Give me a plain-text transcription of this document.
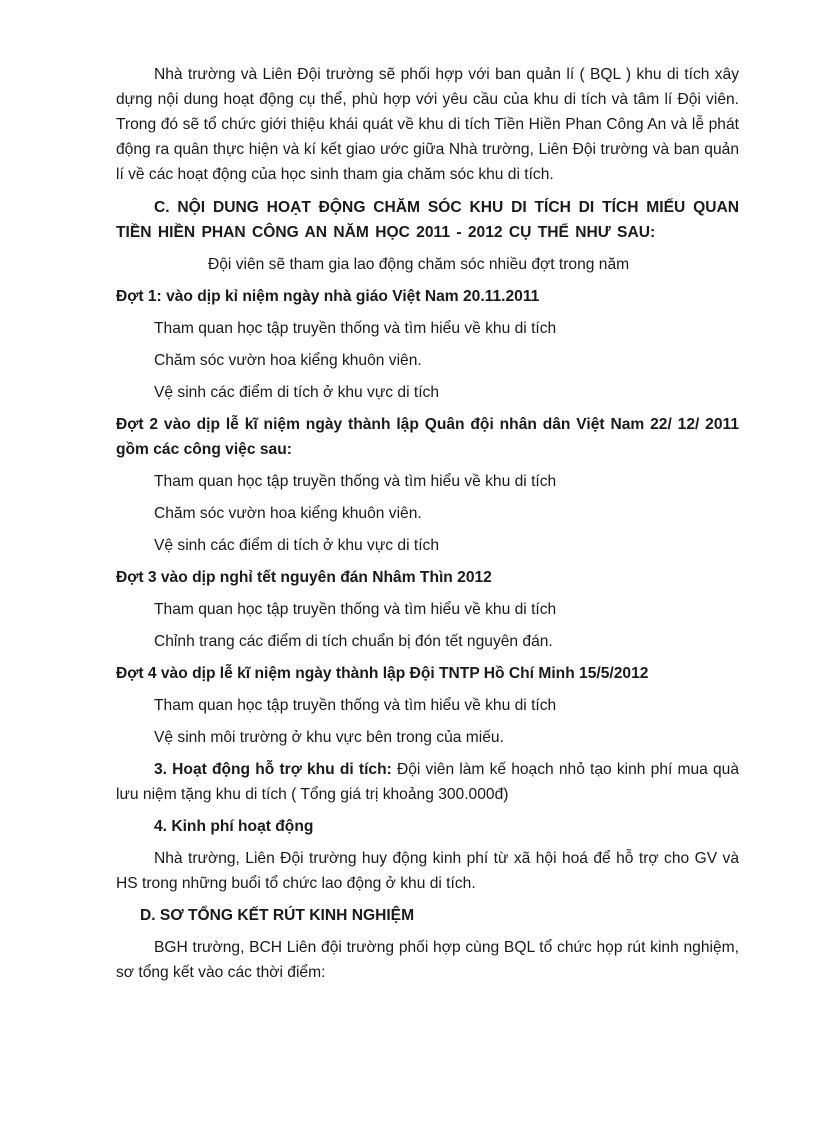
Nhà trường và Liên Đội trường sẽ phối hợp với ban quản lí ( BQL ) khu di tích xây dựng nội dung hoạt động cụ thể, phù hợp với yêu cầu của khu di tích và tâm lí Đội viên. Trong đó sẽ tổ chức giới thiệu khái quát về khu di tích Tiền Hiền Phan Công An và lễ phát động ra quân thực hiện và kí kết giao ước giữa Nhà trường, Liên Đội trường và ban quản lí về các hoạt động của học sinh tham gia chăm sóc khu di tích.

C. NỘI DUNG HOẠT ĐỘNG CHĂM SÓC KHU DI TÍCH DI TÍCH MIẾU QUAN TIỀN HIỀN PHAN CÔNG AN NĂM HỌC 2011 - 2012 CỤ THỂ NHƯ SAU:

Đội viên sẽ tham gia lao động chăm sóc nhiều đợt trong năm

Đợt 1: vào dịp kỉ niệm ngày nhà giáo Việt Nam 20.11.2011

Tham quan học tập truyền thống và tìm hiểu về khu di tích

Chăm sóc vườn hoa kiểng khuôn viên.

Vệ sinh các điểm di tích ở khu vực di tích

Đợt 2 vào dịp lễ kĩ niệm ngày thành lập Quân đội nhân dân Việt Nam 22/ 12/ 2011 gồm các công việc sau:

Tham quan học tập truyền thống và tìm hiểu về khu di tích

Chăm sóc vườn hoa kiểng khuôn viên.

Vệ sinh các điểm di tích ở khu vực di tích

Đợt 3 vào dịp nghỉ tết nguyên đán Nhâm Thìn 2012

Tham quan học tập truyền thống và tìm hiểu về khu di tích

Chỉnh trang các điểm di tích chuẩn bị đón tết nguyên đán.

Đợt 4 vào dịp lễ kĩ niệm ngày thành lập Đội TNTP Hồ Chí Minh 15/5/2012

Tham quan học tập truyền thống và tìm hiểu về khu di tích

Vệ sinh môi trường ở khu vực bên trong của miếu.

3. Hoạt động hỗ trợ khu di tích: Đội viên làm kế hoạch nhỏ tạo kinh phí mua quà lưu niệm tặng khu di tích ( Tổng giá trị khoảng 300.000đ)

4. Kinh phí hoạt động

Nhà trường, Liên Đội trường huy động kinh phí từ xã hội hoá để hỗ trợ cho GV và HS trong những buổi tổ chức lao động ở khu di tích.

D. SƠ TỔNG KẾT RÚT KINH NGHIỆM

BGH trường, BCH Liên đội trường phối hợp cùng BQL tổ chức họp rút kinh nghiệm, sơ tổng kết vào các thời điểm:
